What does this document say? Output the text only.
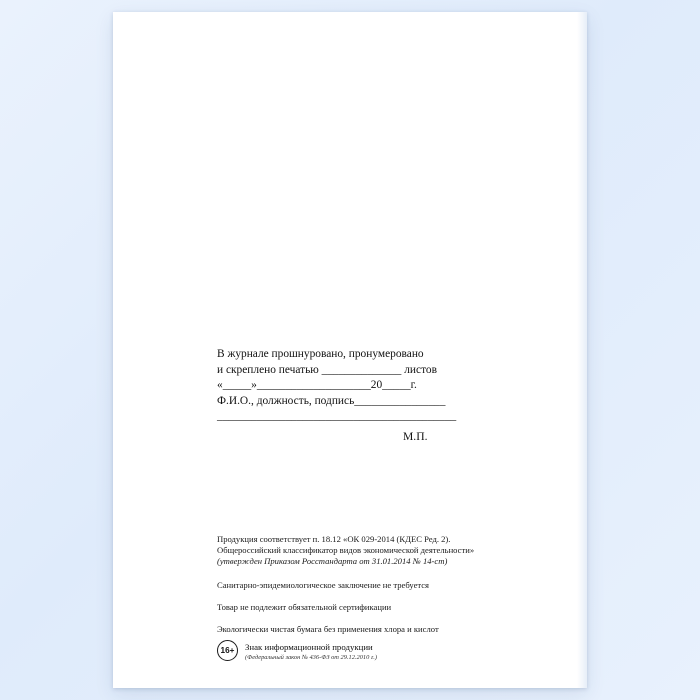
В журнале прошнуровано, пронумеровано
и скреплено печатью ______________ листов
«_____»____________________20_____г.
Ф.И.О., должность, подпись________________
__________________________________________
М.П.
Продукция соответствует п. 18.12 «ОК 029-2014 (КДЕС Ред. 2).
Общероссийский классификатор видов экономической деятельности»
(утвержден Приказом Росстандарта от 31.01.2014 № 14-ст)
Санитарно-эпидемиологическое заключение не требуется
Товар не подлежит обязательной сертификации
Экологически чистая бумага без применения хлора и кислот
16+	Знак информационной продукции
(Федеральный закон № 436-ФЗ от 29.12.2010 г.)
